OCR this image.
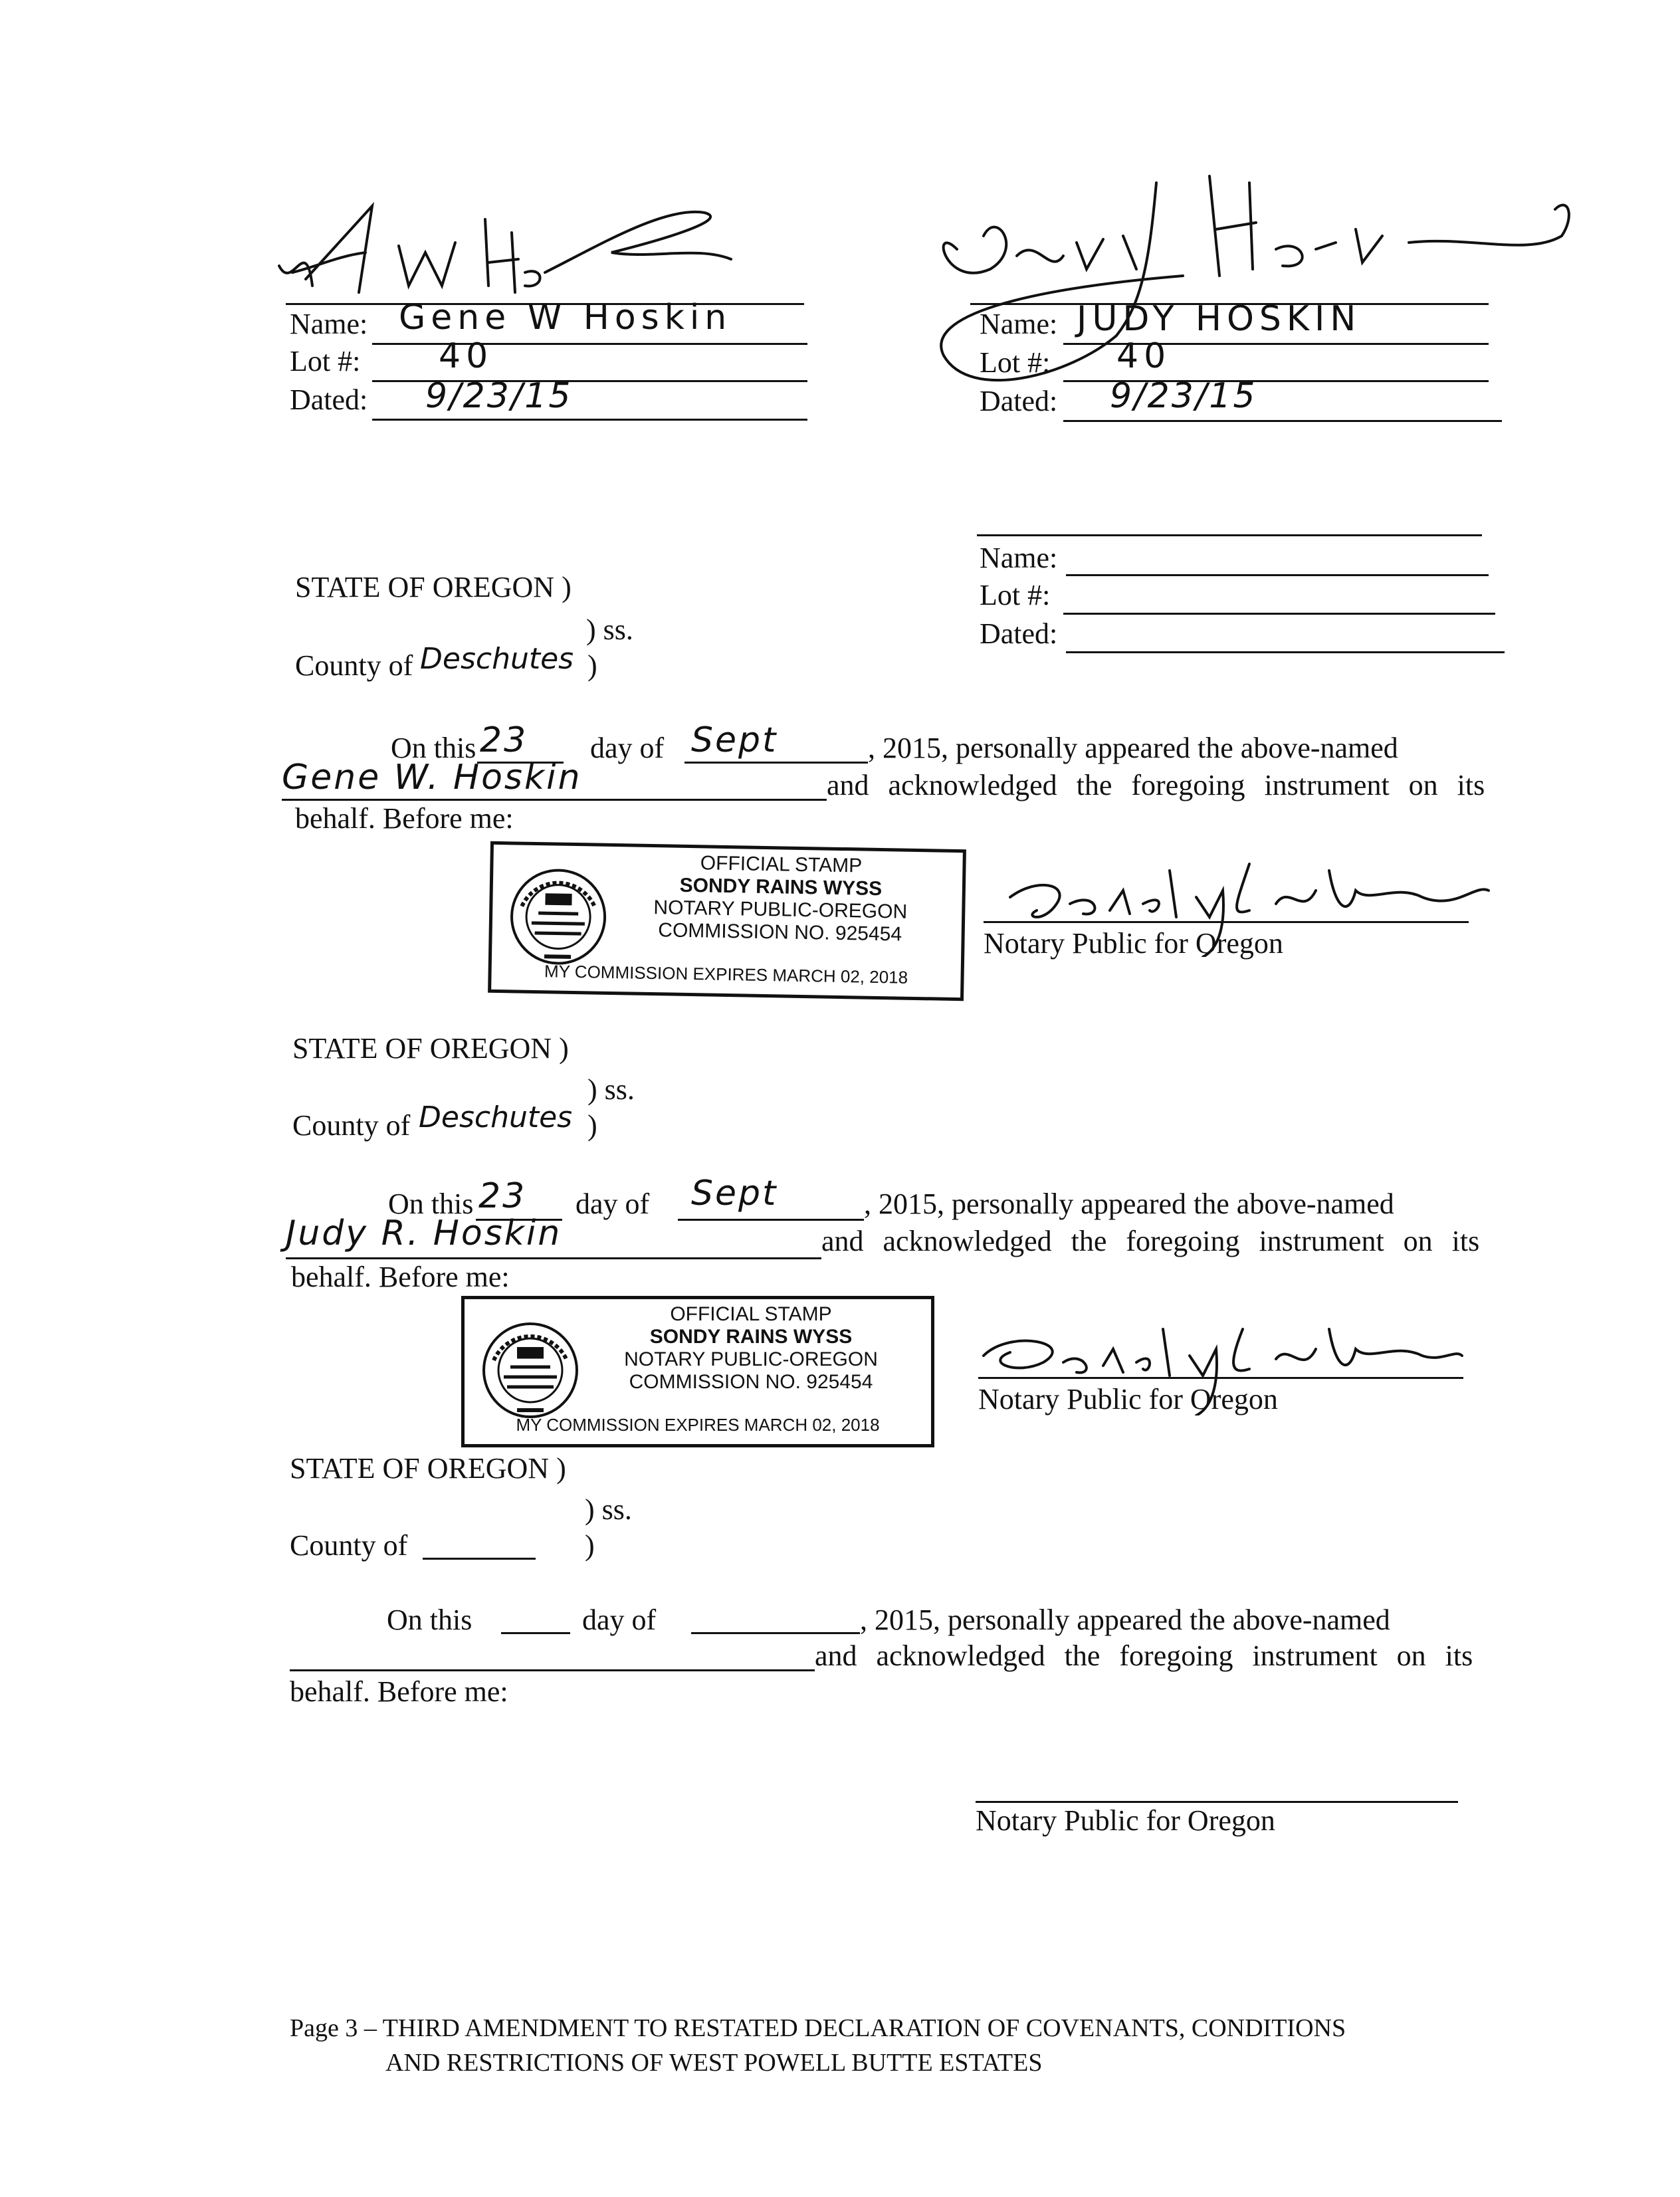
Name: Gene W Hoskin
Lot #: 40
Dated: 9/23/15
Name: JUDY HOSKIN
Lot #: 40
Dated: 9/23/15
Name:
Lot #:
Dated:
STATE OF OREGON )
) ss.
County of Deschutes )
On this 23 day of Sept	, 2015, personally appeared the above-named
Gene W. Hoskin	and acknowledged the foregoing instrument on its
behalf. Before me:
OFFICIAL STAMP
SONDY RAINS WYSS
NOTARY PUBLIC-OREGON
COMMISSION NO. 925454
MY COMMISSION EXPIRES MARCH 02, 2018
Notary Public for Oregon
STATE OF OREGON )
) ss.
County of Deschutes )
On this 23 day of Sept	, 2015, personally appeared the above-named
Judy R. Hoskin	and acknowledged the foregoing instrument on its
behalf. Before me:
OFFICIAL STAMP
SONDY RAINS WYSS
NOTARY PUBLIC-OREGON
COMMISSION NO. 925454
MY COMMISSION EXPIRES MARCH 02, 2018
Notary Public for Oregon
STATE OF OREGON )
) ss.
County of	)
On this	day of	, 2015, personally appeared the above-named
and acknowledged the foregoing instrument on its
behalf. Before me:
Notary Public for Oregon
Page 3 – THIRD AMENDMENT TO RESTATED DECLARATION OF COVENANTS, CONDITIONS
AND RESTRICTIONS OF WEST POWELL BUTTE ESTATES
